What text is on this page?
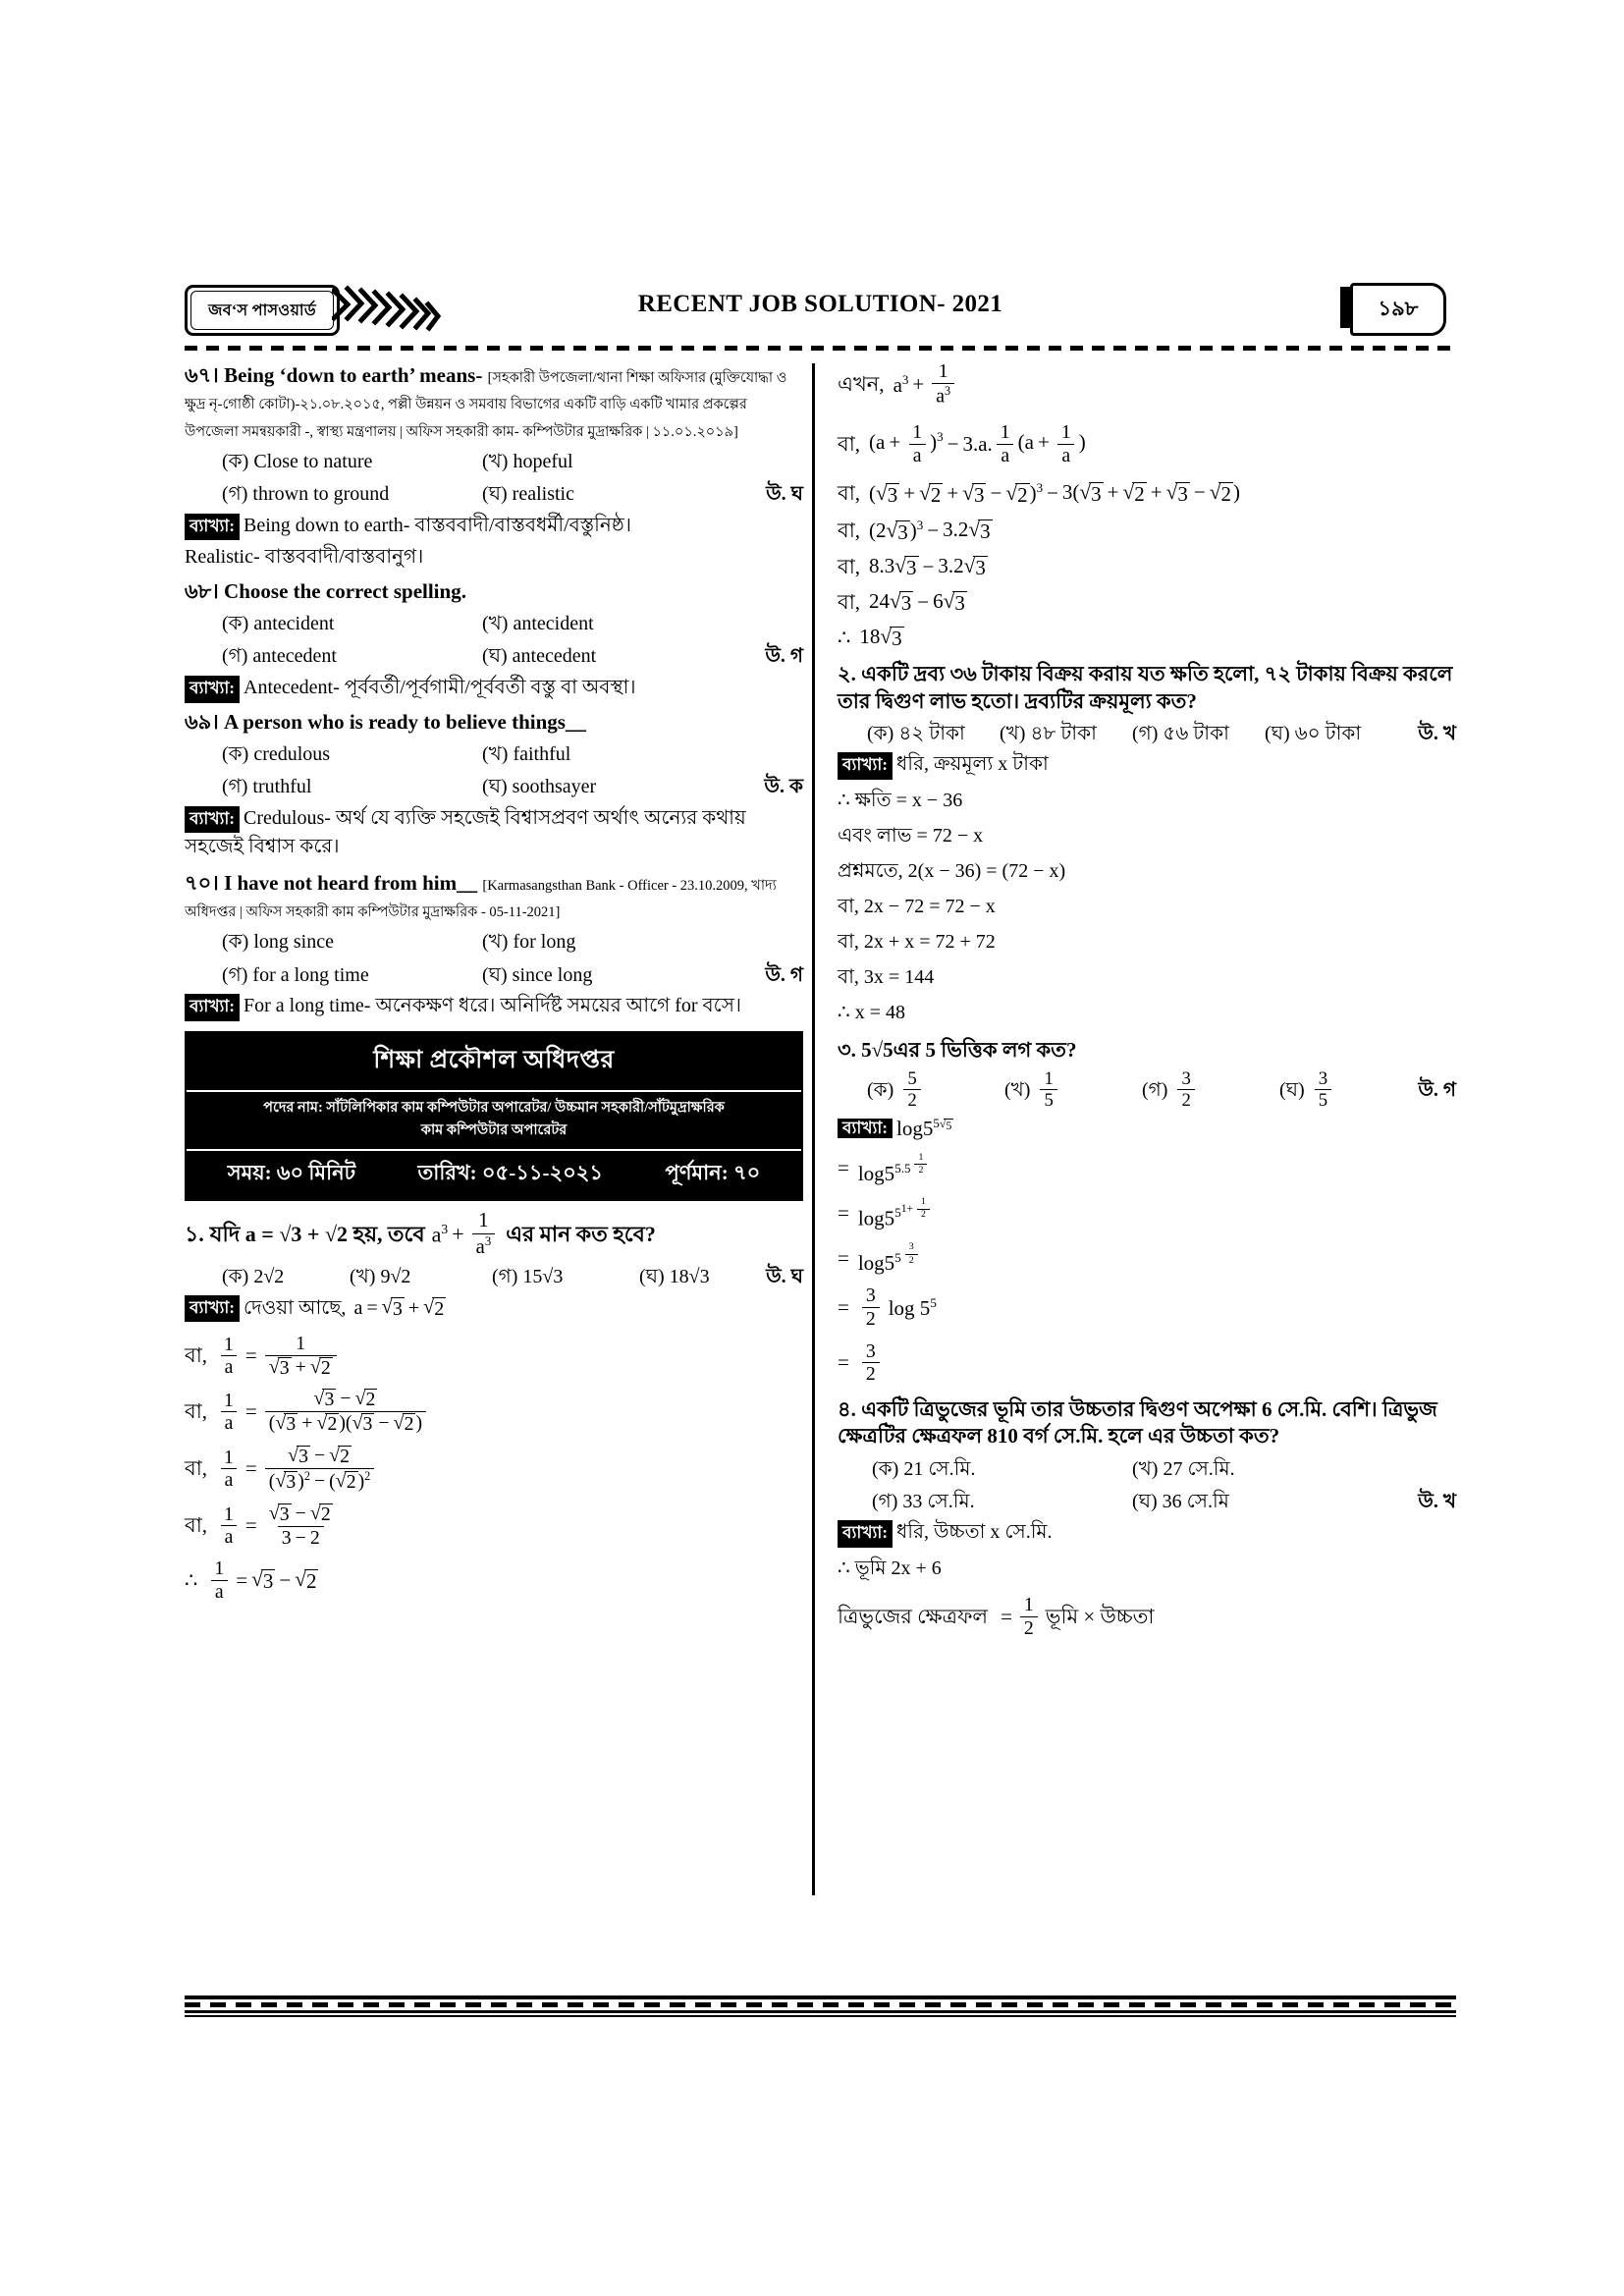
জব‘স পাসওয়ার্ড	RECENT JOB SOLUTION- 2021	১৯৮
৬৭। Being ‘down to earth’ means- [সহকারী উপজেলা/থানা শিক্ষা অফিসার (মুক্তিযোদ্ধা ও ক্ষুদ্র নৃ-গোষ্ঠী কোটা)-২১.০৮.২০১৫, পল্লী উন্নয়ন ও সমবায় বিভাগের একটি বাড়ি একটি খামার প্রকল্পের উপজেলা সমন্বয়কারী -, স্বাস্থ্য মন্ত্রণালয় | অফিস সহকারী কাম- কম্পিউটার মুদ্রাক্ষরিক | ১১.০১.২০১৯]
(ক) Close to nature	(খ) hopeful
(গ) thrown to ground	(ঘ) realistic	উ. ঘ
ব্যাখ্যা: Being down to earth- বাস্তববাদী/বাস্তবধর্মী/বস্তুনিষ্ঠ।
Realistic- বাস্তববাদী/বাস্তবানুগ।
৬৮। Choose the correct spelling.
(ক) antecident	(খ) antecident
(গ) antecedent	(ঘ) antecedent	উ. গ
ব্যাখ্যা: Antecedent- পূর্ববর্তী/পূর্বগামী/পূর্ববর্তী বস্তু বা অবস্থা।
৬৯। A person who is ready to believe things__
(ক) credulous	(খ) faithful
(গ) truthful	(ঘ) soothsayer	উ. ক
ব্যাখ্যা: Credulous- অর্থ যে ব্যক্তি সহজেই বিশ্বাসপ্রবণ অর্থাৎ অন্যের কথায় সহজেই বিশ্বাস করে।
৭০। I have not heard from him__ [Karmasangsthan Bank - Officer - 23.10.2009, খাদ্য অধিদপ্তর | অফিস সহকারী কাম কম্পিউটার মুদ্রাক্ষরিক - 05-11-2021]
(ক) long since	(খ) for long
(গ) for a long time	(ঘ) since long	উ. গ
ব্যাখ্যা: For a long time- অনেকক্ষণ ধরে। অনির্দিষ্ট সময়ের আগে for বসে।
শিক্ষা প্রকৌশল অধিদপ্তর
পদের নাম: সাঁটলিপিকার কাম কম্পিউটার অপারেটর/ উচ্চমান সহকারী/সাঁটমুদ্রাক্ষরিক
কাম কম্পিউটার অপারেটর
সময়: ৬০ মিনিট	তারিখ: ০৫-১১-২০২১	পূর্ণমান: ৭০
১. যদি a = √3 + √2 হয়, তবে $a^3 + \frac{1}{a^3}$ এর মান কত হবে?
(ক) 2√2	(খ) 9√2	(গ) 15√3	(ঘ) 18√3	উ. ঘ
ব্যাখ্যা: দেওয়া আছে, a = √ 3 + √ 2
বা, $\frac{1}{a} = \frac{1}{√ 3 + √ 2}$
বা, $\frac{1}{a} = \frac{√ 3 - √ 2}{( √ 3 + √ 2 )( √ 3 - √ 2 )}$
বা, $\frac{1}{a} = \frac{√ 3 - √ 2}{( √ 3 )^2 - ( √ 2 )^2}$
বা, $\frac{1}{a} = \frac{√ 3 - √ 2}{3 - 2}$
∴ $\frac{1}{a}$ = √ 3 − √ 2
এখন, $a^3 + \frac{1}{a^3}$
বা, $(a + \frac{1}{a} )^3 - 3.a$. $\frac{1}{a} (a + \frac{1}{a}$ )
বা, ( √ 3 + √ 2 + √ 3 − √ 2 )$^3$ − 3( √ 3 + √ 2 + √ 3 − √ 2 )
বা, (2 √ 3 )$^3$ − 3.2 √ 3
বা, 8.3 √ 3 − 3.2 √ 3
বা, 24 √ 3 − 6 √ 3
∴ 18 √ 3
২. একটি দ্রব্য ৩৬ টাকায় বিক্রয় করায় যত ক্ষতি হলো, ৭২ টাকায় বিক্রয় করলে তার দ্বিগুণ লাভ হতো। দ্রব্যটির ক্রয়মূল্য কত?
(ক) ৪২ টাকা (খ) ৪৮ টাকা (গ) ৫৬ টাকা (ঘ) ৬০ টাকা	উ. খ
ব্যাখ্যা: ধরি, ক্রয়মূল্য x টাকা
∴ ক্ষতি = x − 36
এবং লাভ = 72 − x
প্রশ্নমতে, 2(x − 36) = (72 − x)
বা, 2x − 72 = 72 − x
বা, 2x + x = 72 + 72
বা, 3x = 144
∴ x = 48
৩. 5√5এর 5 ভিত্তিক লগ কত?
(ক) $\frac{5}{2}$	(খ) $\frac{1}{5}$	(গ) $\frac{3}{2}$	(ঘ) $\frac{3}{5}$	উ. গ
ব্যাখ্যা: $\log 5^{5 √ 5}$
= $\log 5^{5.5 ^{\frac{1}{2}}}$
= $\log 5^{5^{1+ \frac{1}{2}}}$
= $\log 5^{5 ^{\frac{3}{2}}}$
= $\frac{3}{2}$ $\log 5^5$
= $\frac{3}{2}$
৪. একটি ত্রিভুজের ভূমি তার উচ্চতার দ্বিগুণ অপেক্ষা 6 সে.মি. বেশি। ত্রিভুজ ক্ষেত্রটির ক্ষেত্রফল 810 বর্গ সে.মি. হলে এর উচ্চতা কত?
(ক) 21 সে.মি.	(খ) 27 সে.মি.
(গ) 33 সে.মি.	(ঘ) 36 সে.মি	উ. খ
ব্যাখ্যা: ধরি, উচ্চতা x সে.মি.
∴ ভূমি 2x + 6
ত্রিভুজের ক্ষেত্রফল = $\frac{1}{2}$ ভূমি × উচ্চতা
